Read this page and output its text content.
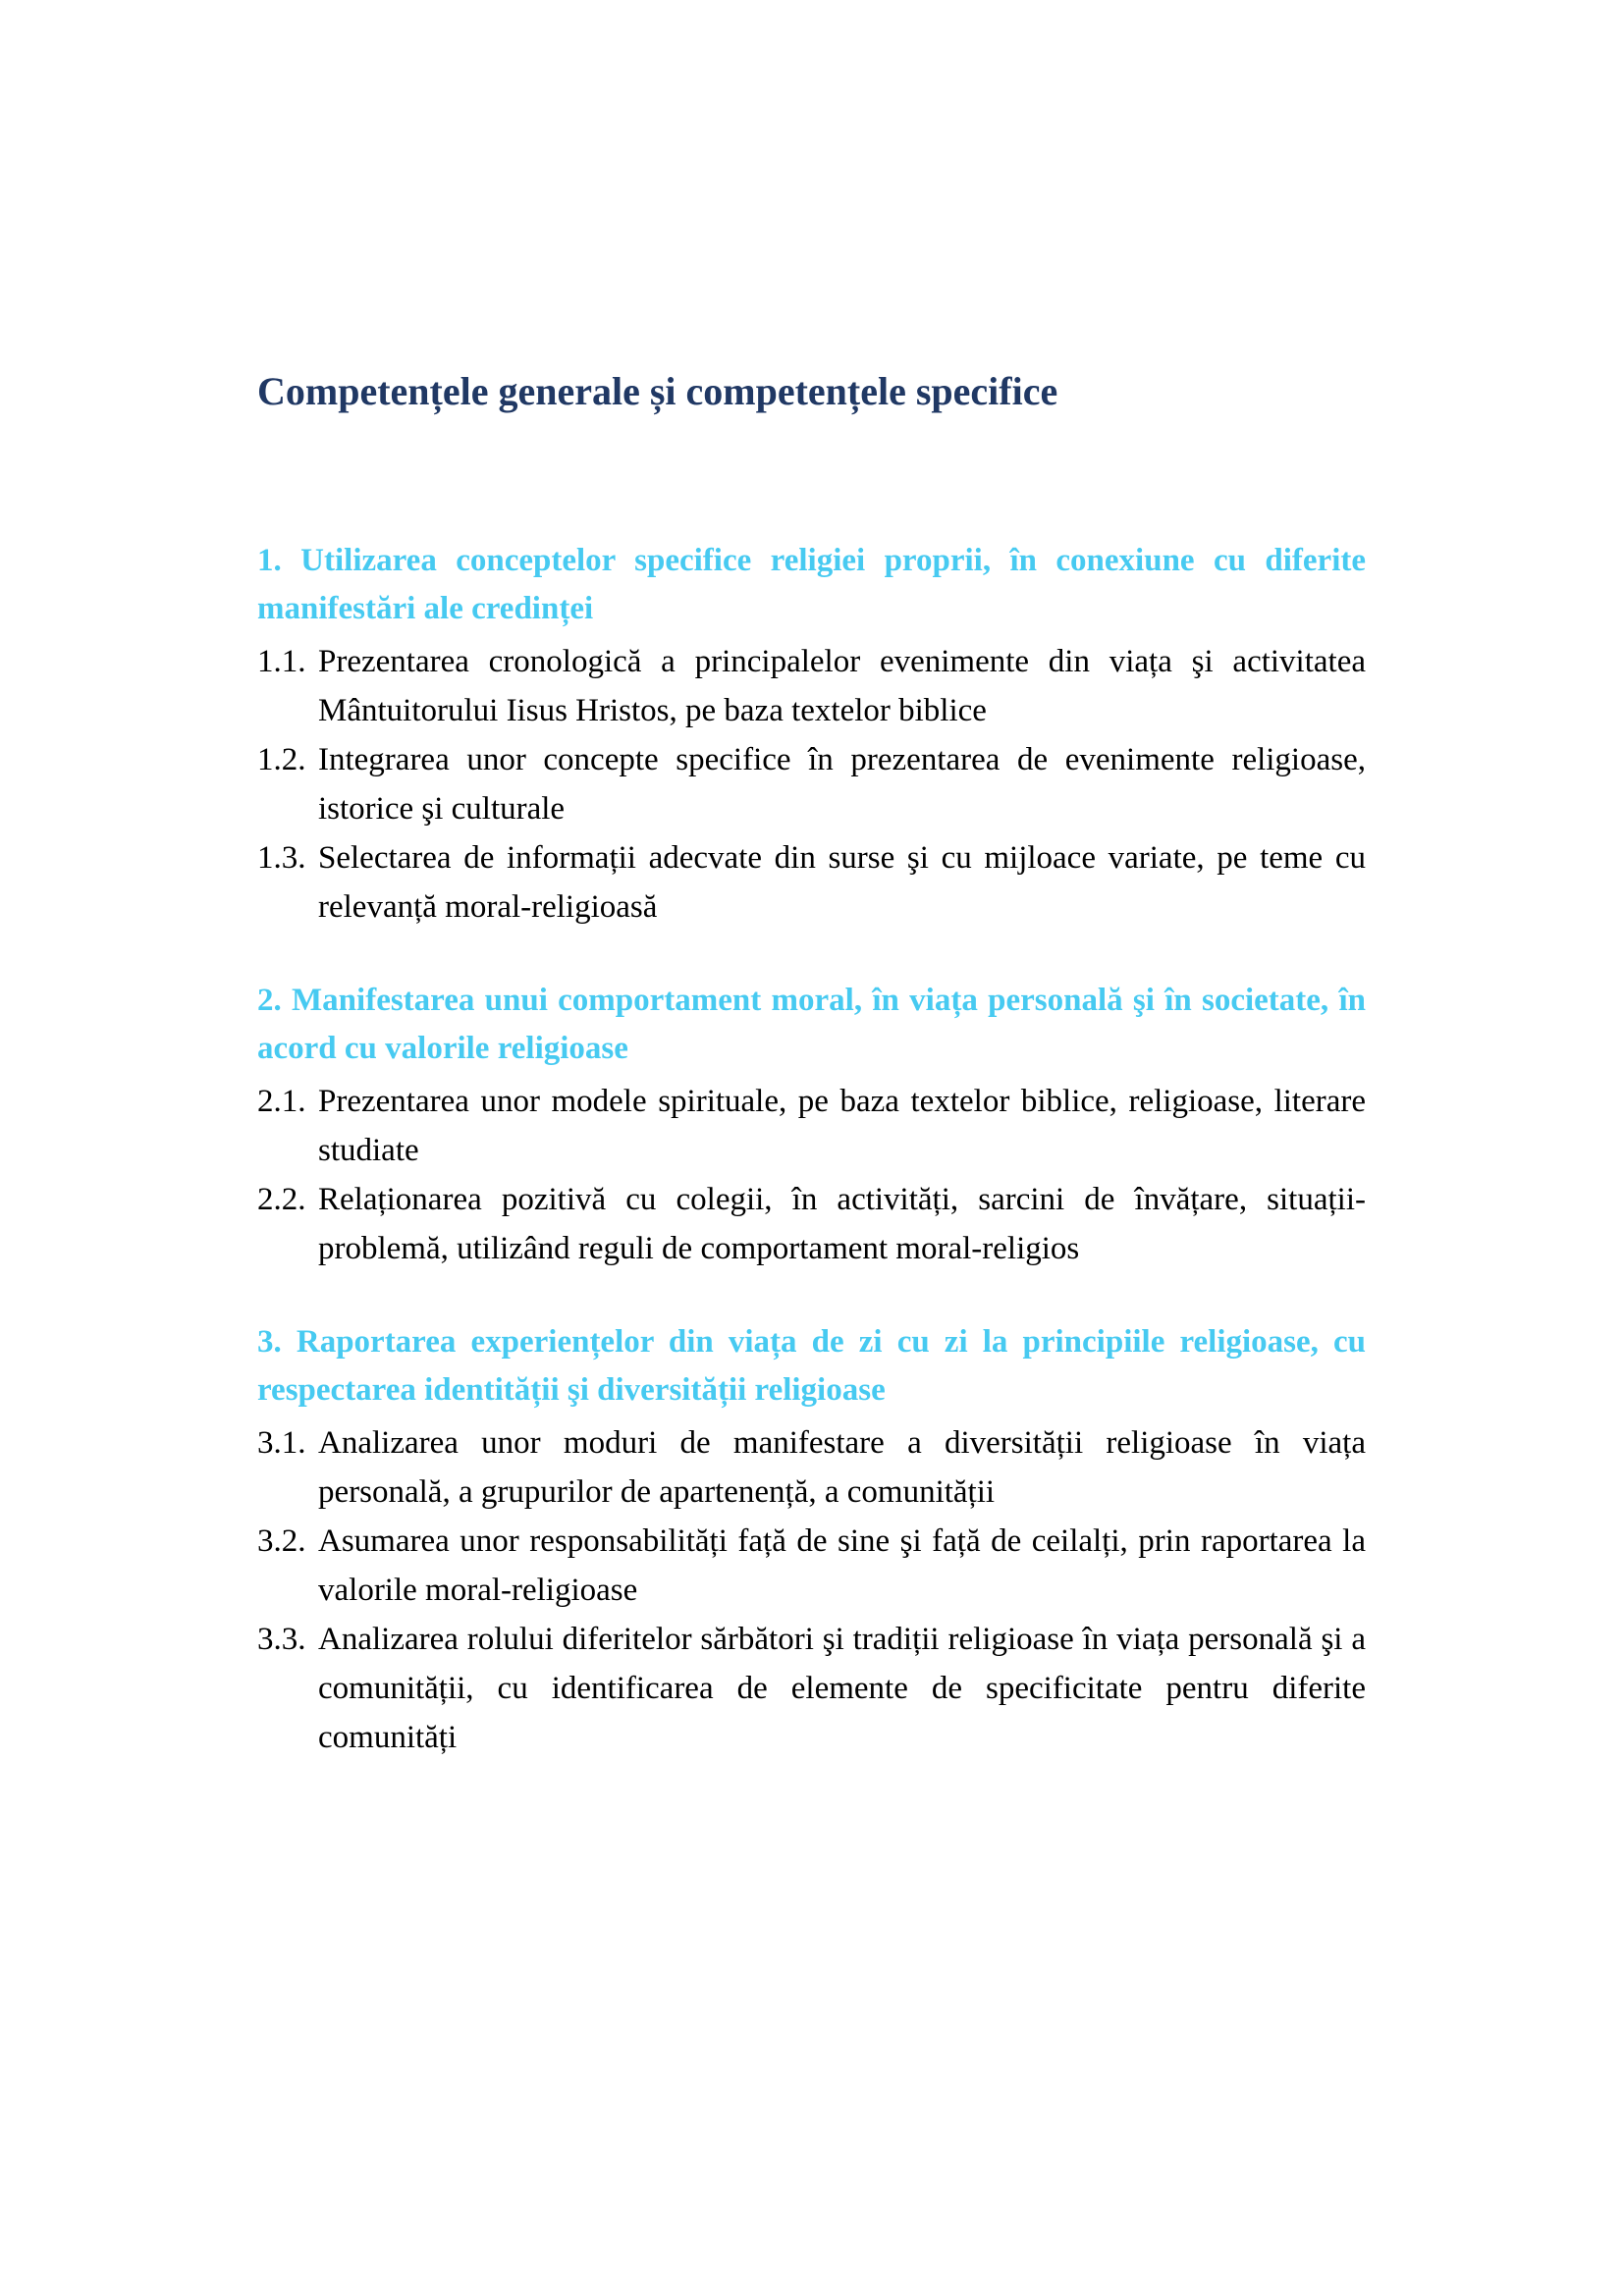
Competențele generale și competențele specifice

1. Utilizarea conceptelor specifice religiei proprii, în conexiune cu diferite manifestări ale credinței

1.1. Prezentarea cronologică a principalelor evenimente din viața şi activitatea Mântuitorului Iisus Hristos, pe baza textelor biblice

1.2. Integrarea unor concepte specifice în prezentarea de evenimente religioase, istorice şi culturale

1.3. Selectarea de informații adecvate din surse şi cu mijloace variate, pe teme cu relevanță moral-religioasă

2. Manifestarea unui comportament moral, în viața personală şi în societate, în acord cu valorile religioase

2.1. Prezentarea unor modele spirituale, pe baza textelor biblice, religioase, literare studiate

2.2. Relaționarea pozitivă cu colegii, în activități, sarcini de învățare, situații-problemă, utilizând reguli de comportament moral-religios

3. Raportarea experiențelor din viața de zi cu zi la principiile religioase, cu respectarea identității şi diversității religioase

3.1. Analizarea unor moduri de manifestare a diversității religioase în viața personală, a grupurilor de apartenență, a comunității

3.2. Asumarea unor responsabilități față de sine şi față de ceilalți, prin raportarea la valorile moral-religioase

3.3. Analizarea rolului diferitelor sărbători şi tradiții religioase în viața personală şi a comunității, cu identificarea de elemente de specificitate pentru diferite comunități
